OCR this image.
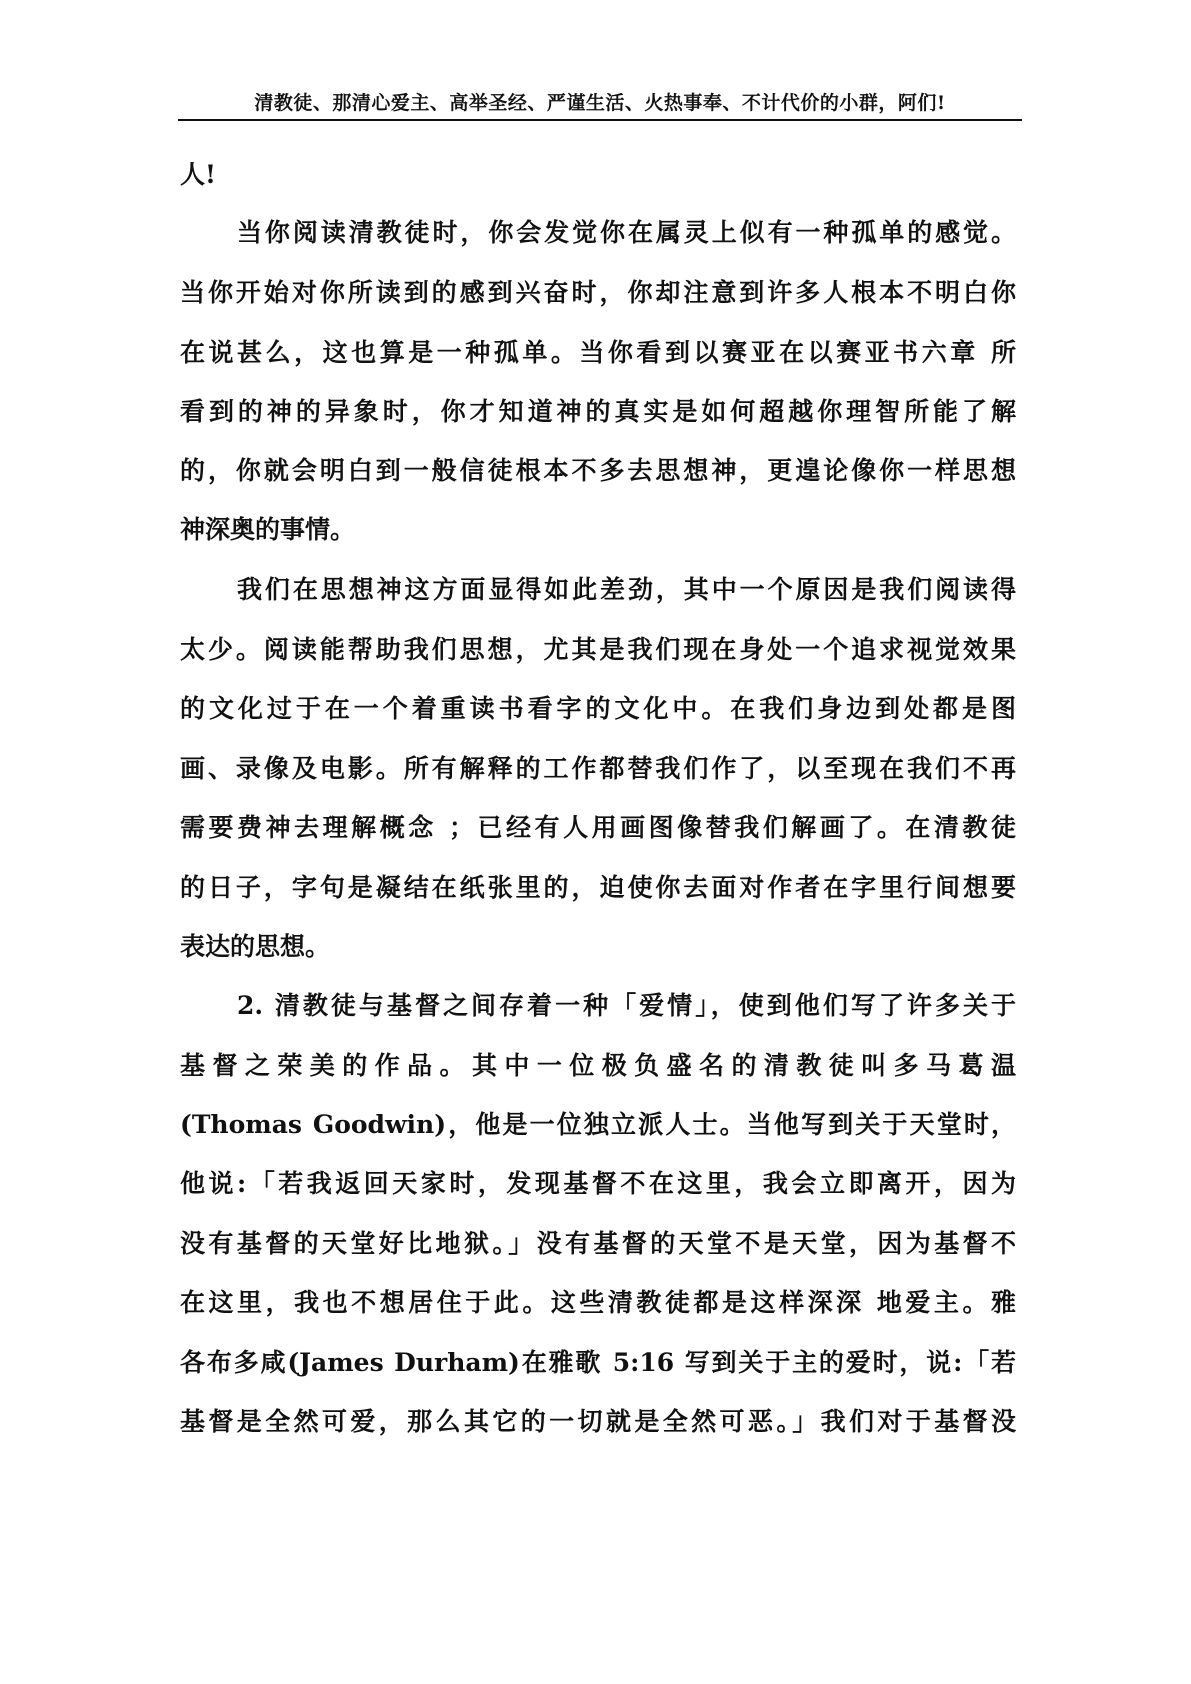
清教徒、那清心爱主、高举圣经、严谨生活、火热事奉、不计代价的小群，阿们!
人!
当你阅读清教徒时，你会发觉你在属灵上似有一种孤单的感觉。
当你开始对你所读到的感到兴奋时，你却注意到许多人根本不明白你
在说甚么，这也算是一种孤单。当你看到以赛亚在以赛亚书六章 所
看到的神的异象时，你才知道神的真实是如何超越你理智所能了解
的，你就会明白到一般信徒根本不多去思想神，更遑论像你一样思想
神深奥的事情。
我们在思想神这方面显得如此差劲，其中一个原因是我们阅读得
太少。阅读能帮助我们思想，尤其是我们现在身处一个追求视觉效果
的文化过于在一个着重读书看字的文化中。在我们身边到处都是图
画、录像及电影。所有解释的工作都替我们作了，以至现在我们不再
需要费神去理解概念 ；已经有人用画图像替我们解画了。在清教徒
的日子，字句是凝结在纸张里的，迫使你去面对作者在字里行间想要
表达的思想。
2. 清教徒与基督之间存着一种「爱情」，使到他们写了许多关于
基督之荣美的作品。其中一位极负盛名的清教徒叫多马葛温
(Thomas Goodwin)，他是一位独立派人士。当他写到关于天堂时，
他说:「若我返回天家时，发现基督不在这里，我会立即离开，因为
没有基督的天堂好比地狱。」没有基督的天堂不是天堂，因为基督不
在这里，我也不想居住于此。这些清教徒都是这样深深 地爱主。雅
各布多咸(James Durham)在雅歌 5:16 写到关于主的爱时，说:「若
基督是全然可爱，那么其它的一切就是全然可恶。」我们对于基督没
